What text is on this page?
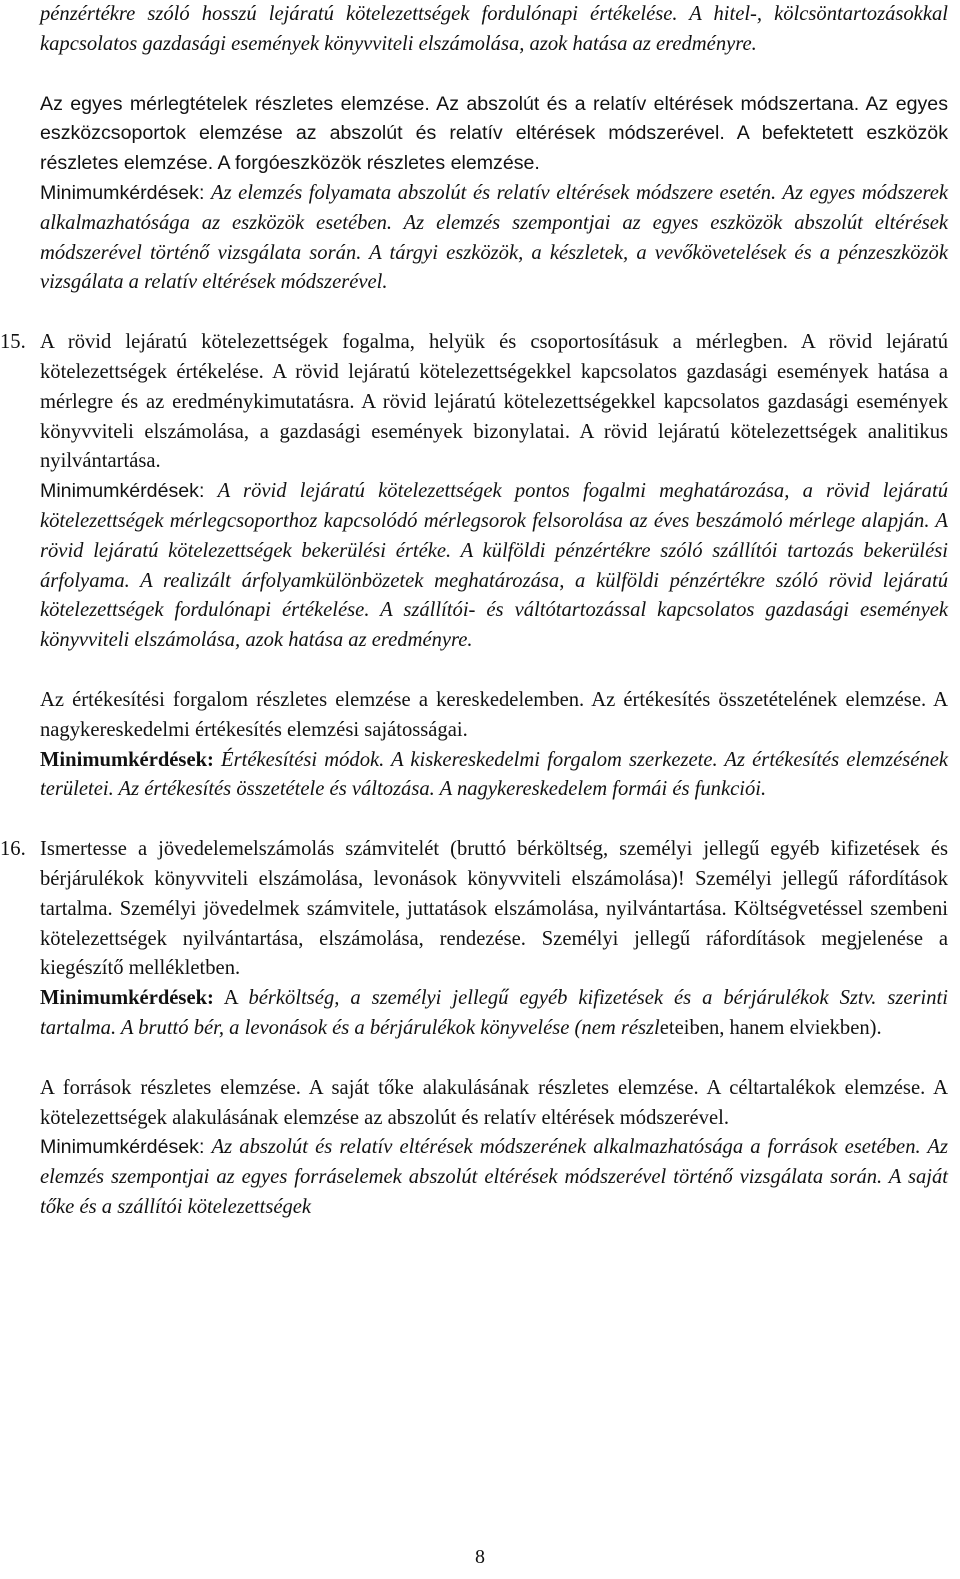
pénzértékre szóló hosszú lejáratú kötelezettségek fordulónapi értékelése. A hitel-, kölcsöntartozásokkal kapcsolatos gazdasági események könyvviteli elszámolása, azok hatása az eredményre.

Az egyes mérlegtételek részletes elemzése. Az abszolút és a relatív eltérések módszertana. Az egyes eszközcsoportok elemzése az abszolút és relatív eltérések módszerével. A befektetett eszközök részletes elemzése. A forgóeszközök részletes elemzése.

Minimumkérdések: Az elemzés folyamata abszolút és relatív eltérések módszere esetén. Az egyes módszerek alkalmazhatósága az eszközök esetében. Az elemzés szempontjai az egyes eszközök abszolút eltérések módszerével történő vizsgálata során. A tárgyi eszközök, a készletek, a vevőkövetelések és a pénzeszközök vizsgálata a relatív eltérések módszerével.

15. A rövid lejáratú kötelezettségek fogalma, helyük és csoportosításuk a mérlegben. A rövid lejáratú kötelezettségek értékelése. A rövid lejáratú kötelezettségekkel kapcsolatos gazdasági események hatása a mérlegre és az eredménykimutatásra. A rövid lejáratú kötelezettségekkel kapcsolatos gazdasági események könyvviteli elszámolása, a gazdasági események bizonylatai. A rövid lejáratú kötelezettségek analitikus nyilvántartása.

Minimumkérdések: A rövid lejáratú kötelezettségek pontos fogalmi meghatározása, a rövid lejáratú kötelezettségek mérlegcsoporthoz kapcsolódó mérlegsorok felsorolása az éves beszámoló mérlege alapján. A rövid lejáratú kötelezettségek bekerülési értéke. A külföldi pénzértékre szóló szállítói tartozás bekerülési árfolyama. A realizált árfolyamkülönbözetek meghatározása, a külföldi pénzértékre szóló rövid lejáratú kötelezettségek fordulónapi értékelése. A szállítói- és váltótartozással kapcsolatos gazdasági események könyvviteli elszámolása, azok hatása az eredményre.

Az értékesítési forgalom részletes elemzése a kereskedelemben. Az értékesítés összetételének elemzése. A nagykereskedelmi értékesítés elemzési sajátosságai.

Minimumkérdések: Értékesítési módok. A kiskereskedelmi forgalom szerkezete. Az értékesítés elemzésének területei. Az értékesítés összetétele és változása. A nagykereskedelem formái és funkciói.

16. Ismertesse a jövedelemelszámolás számvitelét (bruttó bérköltség, személyi jellegű egyéb kifizetések és bérjárulékok könyvviteli elszámolása, levonások könyvviteli elszámolása)! Személyi jellegű ráfordítások tartalma. Személyi jövedelmek számvitele, juttatások elszámolása, nyilvántartása. Költségvetéssel szembeni kötelezettségek nyilvántartása, elszámolása, rendezése. Személyi jellegű ráfordítások megjelenése a kiegészítő mellékletben.

Minimumkérdések: A bérköltség, a személyi jellegű egyéb kifizetések és a bérjárulékok Sztv. szerinti tartalma. A bruttó bér, a levonások és a bérjárulékok könyvelése (nem részleteiben, hanem elviekben).

A források részletes elemzése. A saját tőke alakulásának részletes elemzése. A céltartalékok elemzése. A kötelezettségek alakulásának elemzése az abszolút és relatív eltérések módszerével.

Minimumkérdések: Az abszolút és relatív eltérések módszerének alkalmazhatósága a források esetében. Az elemzés szempontjai az egyes forráselemek abszolút eltérések módszerével történő vizsgálata során. A saját tőke és a szállítói kötelezettségek

8
